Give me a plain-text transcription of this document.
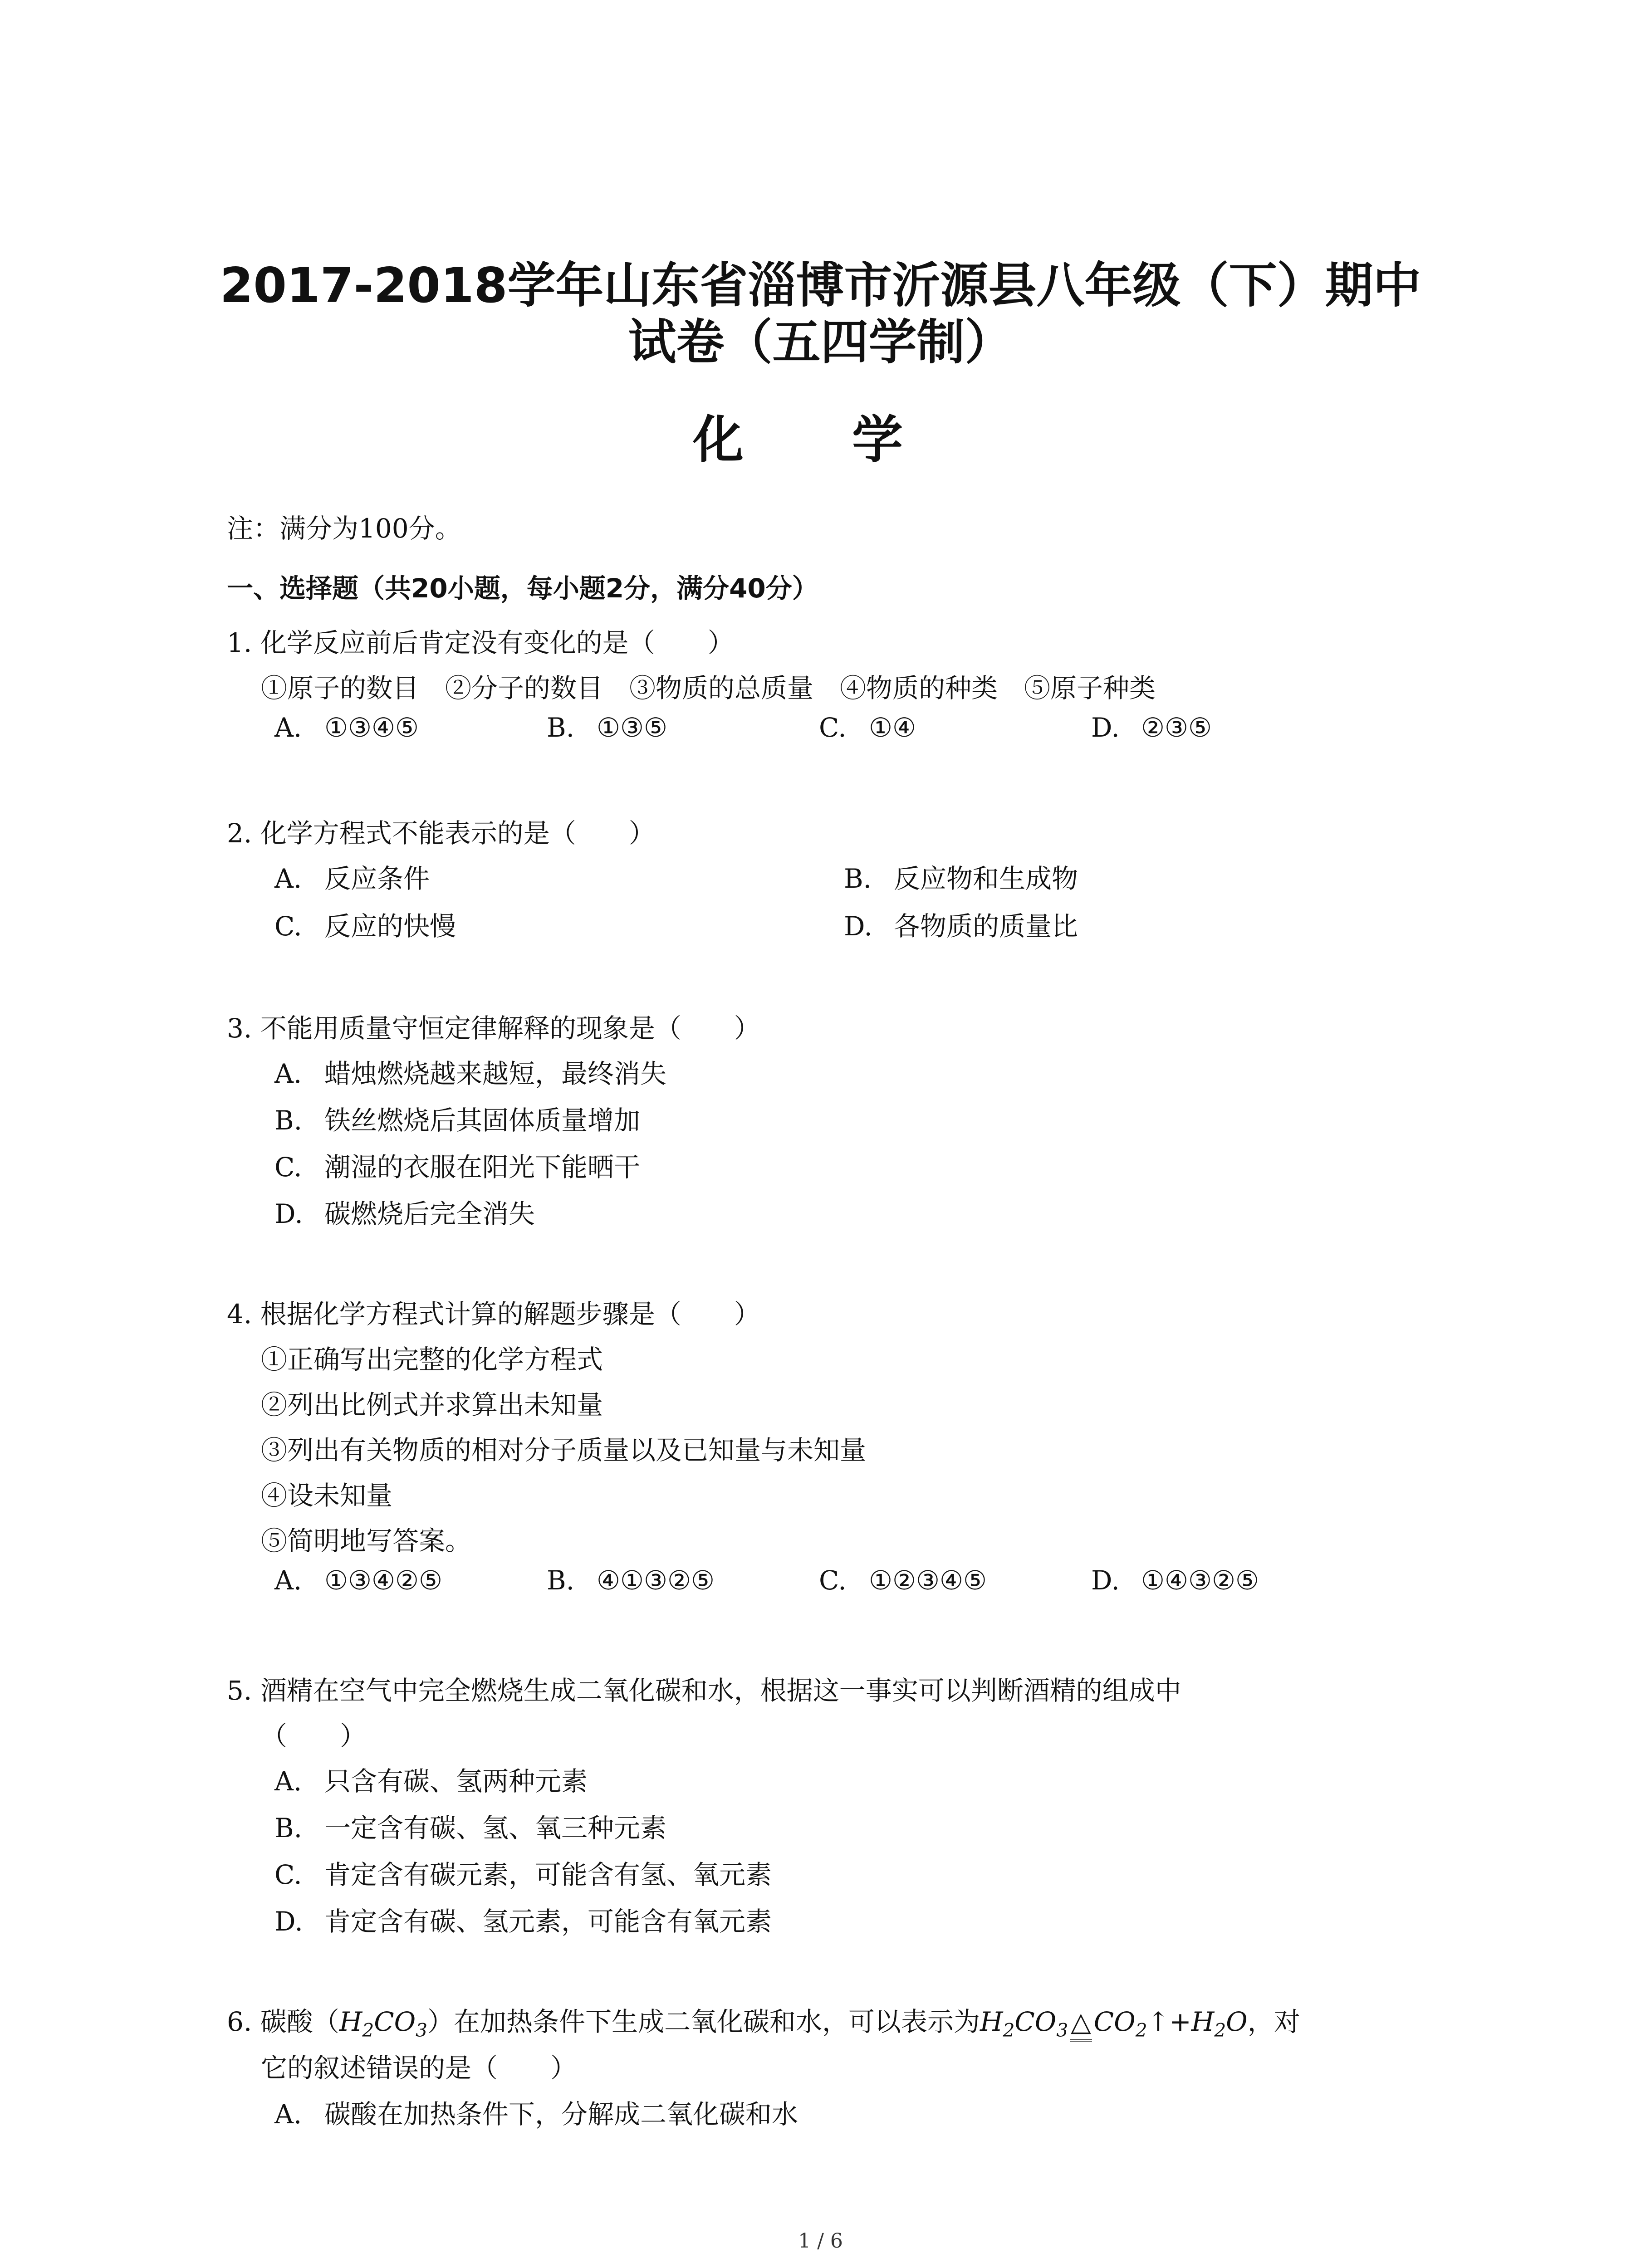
2017-2018学年山东省淄博市沂源县八年级（下）期中
试卷（五四学制）
化 学
注：满分为100分。
一、选择题（共20小题，每小题2分，满分40分）
1. 化学反应前后肯定没有变化的是（　　）
①原子的数目　②分子的数目　③物质的总质量　④物质的种类　⑤原子种类
A. ①③④⑤	B. ①③⑤	C. ①④	D. ②③⑤
2. 化学方程式不能表示的是（　　）
A. 反应条件	B. 反应物和生成物
C. 反应的快慢	D. 各物质的质量比
3. 不能用质量守恒定律解释的现象是（　　）
A. 蜡烛燃烧越来越短，最终消失
B. 铁丝燃烧后其固体质量增加
C. 潮湿的衣服在阳光下能晒干
D. 碳燃烧后完全消失
4. 根据化学方程式计算的解题步骤是（　　）
①正确写出完整的化学方程式
②列出比例式并求算出未知量
③列出有关物质的相对分子质量以及已知量与未知量
④设未知量
⑤简明地写答案。
A. ①③④②⑤	B. ④①③②⑤	C. ①②③④⑤	D. ①④③②⑤
5. 酒精在空气中完全燃烧生成二氧化碳和水，根据这一事实可以判断酒精的组成中
（　　）
A. 只含有碳、氢两种元素
B. 一定含有碳、氢、氧三种元素
C. 肯定含有碳元素，可能含有氢、氧元素
D. 肯定含有碳、氢元素，可能含有氧元素
6. 碳酸$(H_2CO_3)$在加热条件下生成二氧化碳和水，可以表示为$H_2CO_3$ △ $CO_2↑+H_2O$，对
它的叙述错误的是（　　）
A. 碳酸在加热条件下，分解成二氧化碳和水
1 / 6
